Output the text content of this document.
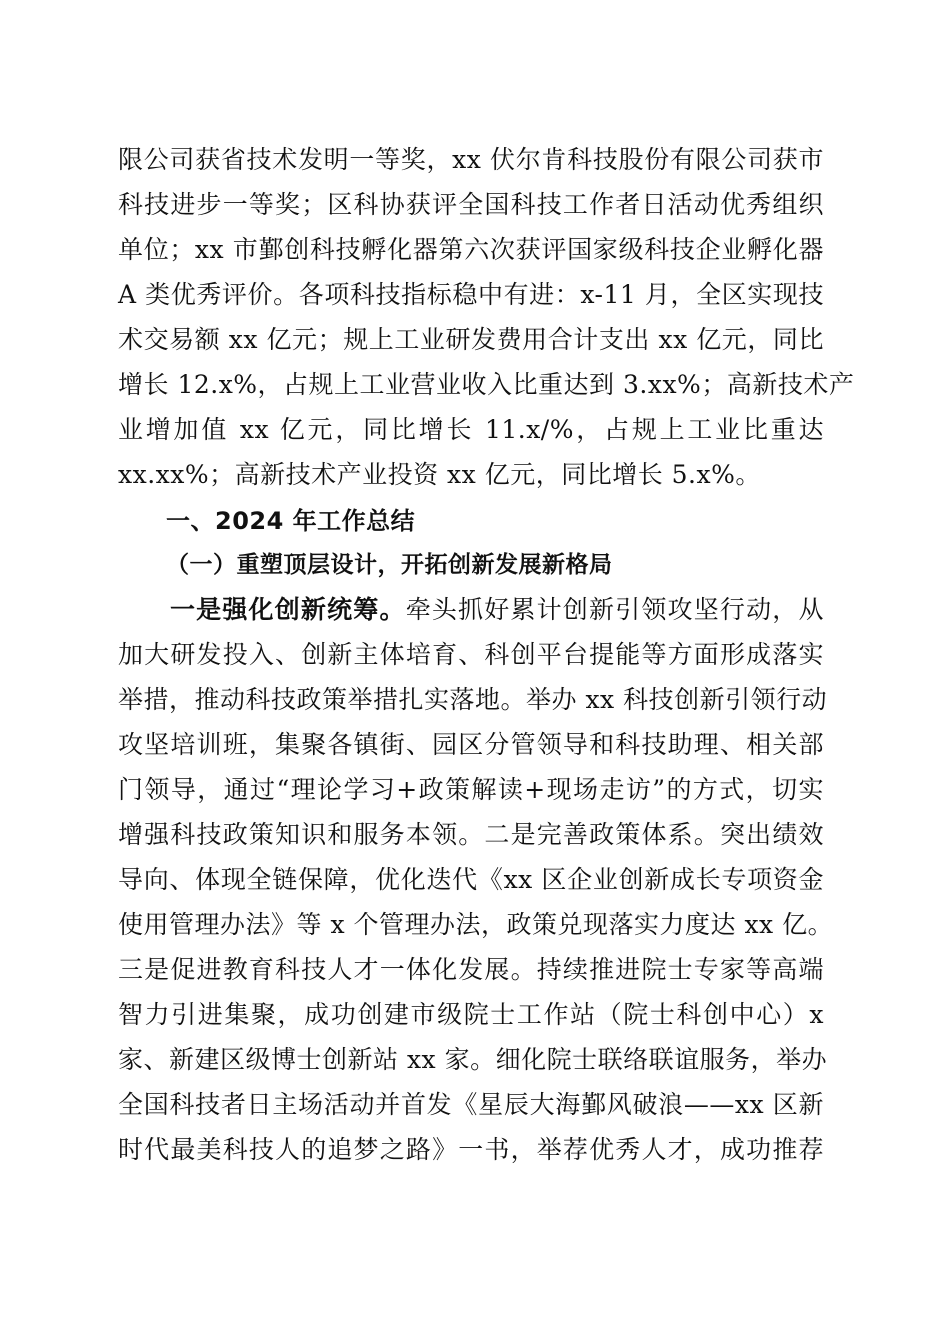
限公司获省技术发明一等奖，xx 伏尔肯科技股份有限公司获市
科技进步一等奖；区科协获评全国科技工作者日活动优秀组织
单位；xx 市鄞创科技孵化器第六次获评国家级科技企业孵化器
A 类优秀评价。各项科技指标稳中有进：x-11 月，全区实现技
术交易额 xx 亿元；规上工业研发费用合计支出 xx 亿元，同比
增长 12.x%，占规上工业营业收入比重达到 3.xx%；高新技术产
业增加值 xx 亿元，同比增长 11.x/%，占规上工业比重达
xx.xx%；高新技术产业投资 xx 亿元，同比增长 5.x%。
一、2024 年工作总结
（一）重塑顶层设计，开拓创新发展新格局
一是强化创新统筹。牵头抓好累计创新引领攻坚行动，从
加大研发投入、创新主体培育、科创平台提能等方面形成落实
举措，推动科技政策举措扎实落地。举办 xx 科技创新引领行动
攻坚培训班，集聚各镇街、园区分管领导和科技助理、相关部
门领导，通过“理论学习+政策解读+现场走访”的方式，切实
增强科技政策知识和服务本领。二是完善政策体系。突出绩效
导向、体现全链保障，优化迭代《xx 区企业创新成长专项资金
使用管理办法》等 x 个管理办法，政策兑现落实力度达 xx 亿。
三是促进教育科技人才一体化发展。持续推进院士专家等高端
智力引进集聚，成功创建市级院士工作站（院士科创中心）x
家、新建区级博士创新站 xx 家。细化院士联络联谊服务，举办
全国科技者日主场活动并首发《星辰大海鄞风破浪——xx 区新
时代最美科技人的追梦之路》一书，举荐优秀人才，成功推荐
